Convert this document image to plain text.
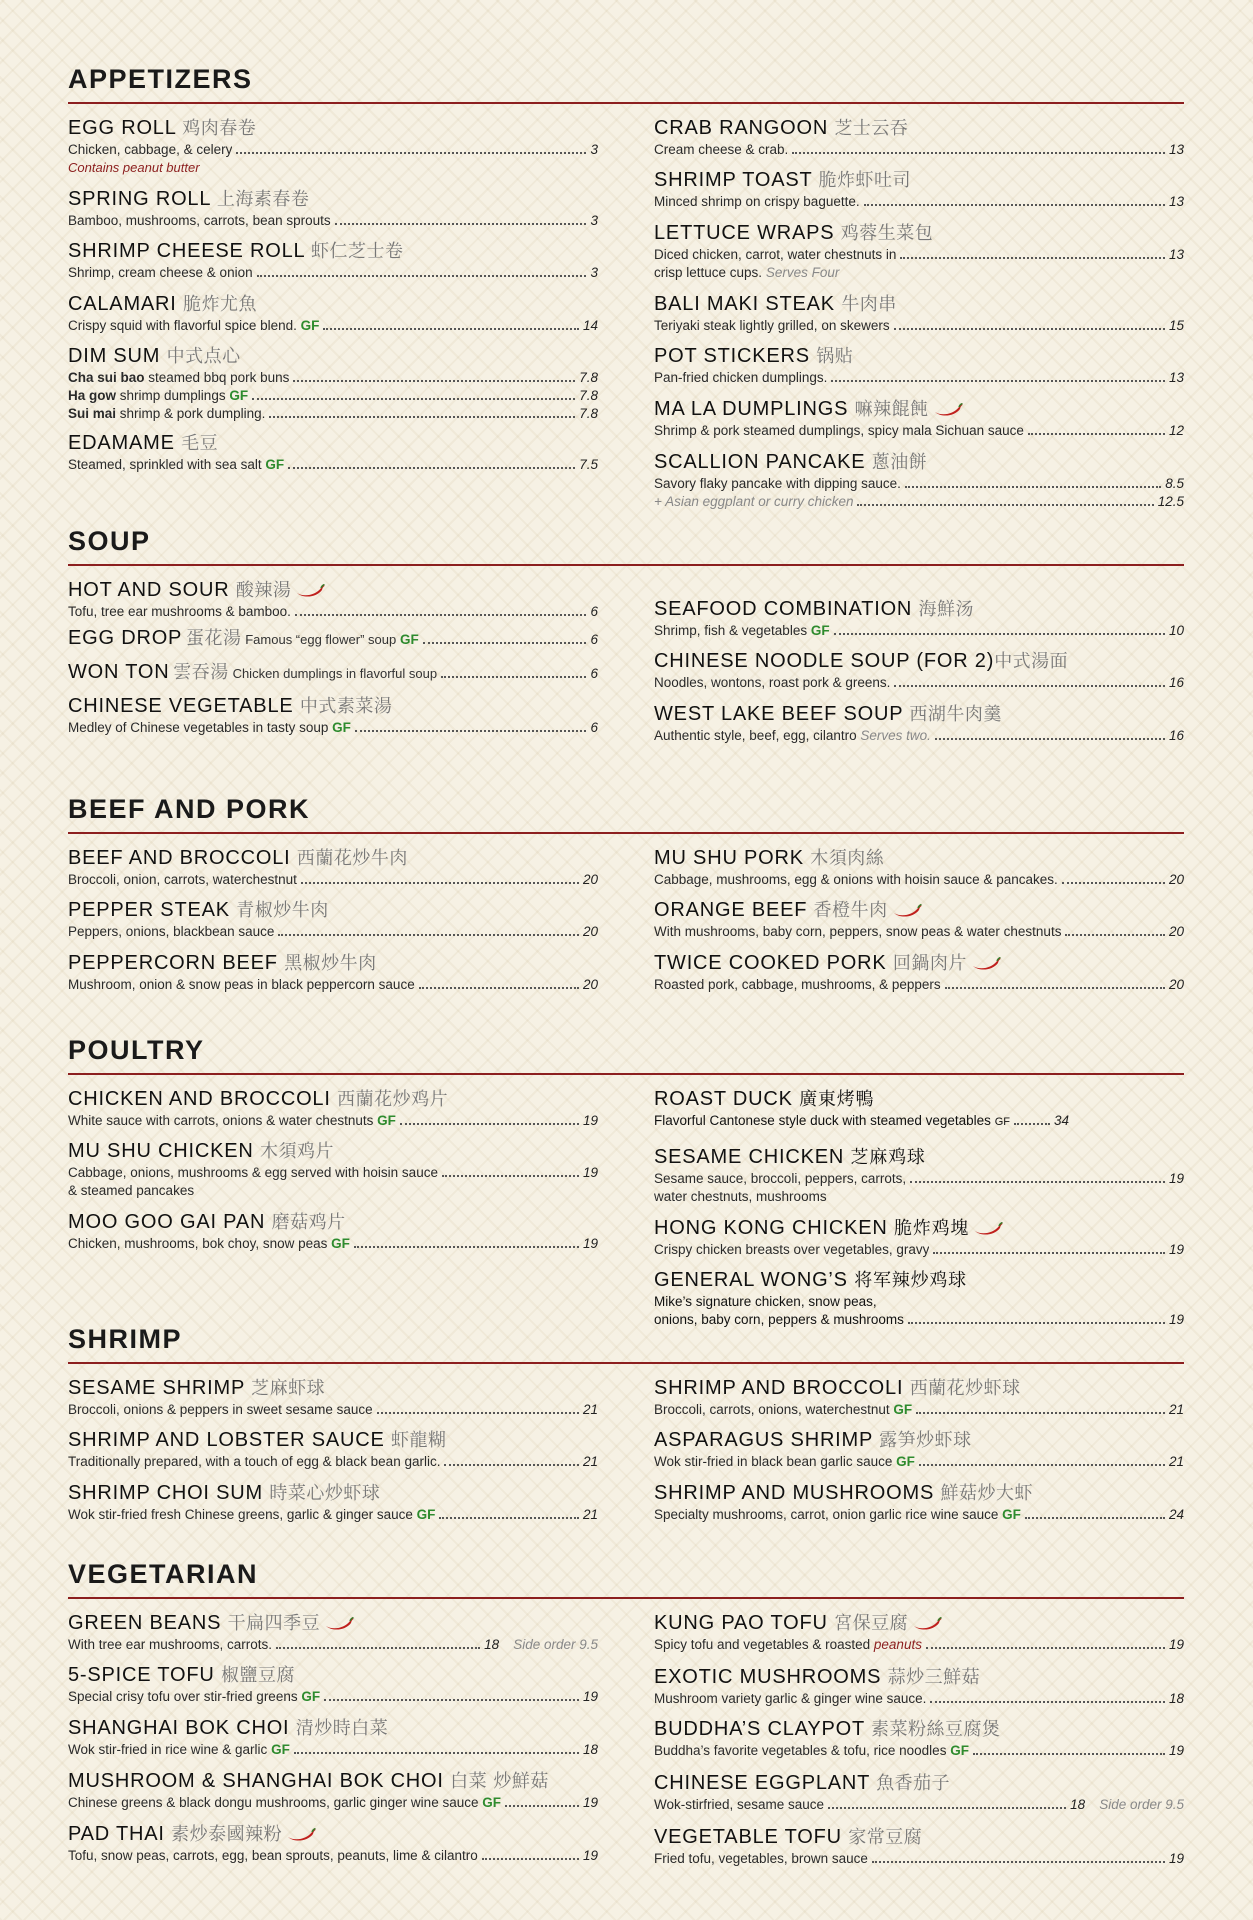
APPETIZERS
EGG ROLL 鸡肉春卷
Chicken, cabbage, & celery	3
Contains peanut butter
SPRING ROLL 上海素春卷
Bamboo, mushrooms, carrots, bean sprouts	3
SHRIMP CHEESE ROLL 虾仁芝士卷
Shrimp, cream cheese & onion	3
CALAMARI 脆炸尤魚
Crispy squid with flavorful spice blend. GF	14
DIM SUM 中式点心
Cha sui bao steamed bbq pork buns	7.8
Ha gow shrimp dumplings GF	7.8
Sui mai shrimp & pork dumpling.	7.8
EDAMAME 毛豆
Steamed, sprinkled with sea salt GF	7.5
CRAB RANGOON 芝士云吞
Cream cheese & crab.	13
SHRIMP TOAST 脆炸虾吐司
Minced shrimp on crispy baguette.	13
LETTUCE WRAPS 鸡蓉生菜包
Diced chicken, carrot, water chestnuts in	13
crisp lettuce cups. Serves Four
BALI MAKI STEAK 牛肉串
Teriyaki steak lightly grilled, on skewers	15
POT STICKERS 锅贴
Pan-fried chicken dumplings.	13
MA LA DUMPLINGS 嘛辣餛飩
Shrimp & pork steamed dumplings, spicy mala Sichuan sauce	12
SCALLION PANCAKE 蔥油餅
Savory flaky pancake with dipping sauce.	8.5
+ Asian eggplant or curry chicken	12.5
SOUP
HOT AND SOUR 酸辣湯
Tofu, tree ear mushrooms & bamboo.	6
EGG DROP 蛋花湯 Famous “egg flower” soup GF	6
WON TON 雲吞湯 Chicken dumplings in flavorful soup	6
CHINESE VEGETABLE 中式素菜湯
Medley of Chinese vegetables in tasty soup GF	6
SEAFOOD COMBINATION 海鮮汤
Shrimp, fish & vegetables GF	10
CHINESE NOODLE SOUP (FOR 2)中式湯面
Noodles, wontons, roast pork & greens.	16
WEST LAKE BEEF SOUP 西湖牛肉羹
Authentic style, beef, egg, cilantro Serves two.	16
BEEF AND PORK
BEEF AND BROCCOLI 西蘭花炒牛肉
Broccoli, onion, carrots, waterchestnut	20
PEPPER STEAK 青椒炒牛肉
Peppers, onions, blackbean sauce	20
PEPPERCORN BEEF 黑椒炒牛肉
Mushroom, onion & snow peas in black peppercorn sauce	20
MU SHU PORK 木須肉絲
Cabbage, mushrooms, egg & onions with hoisin sauce & pancakes.	20
ORANGE BEEF 香橙牛肉
With mushrooms, baby corn, peppers, snow peas & water chestnuts	20
TWICE COOKED PORK 回鍋肉片
Roasted pork, cabbage, mushrooms, & peppers	20
POULTRY
CHICKEN AND BROCCOLI 西蘭花炒鸡片
White sauce with carrots, onions & water chestnuts GF	19
MU SHU CHICKEN 木須鸡片
Cabbage, onions, mushrooms & egg served with hoisin sauce	19
& steamed pancakes
MOO GOO GAI PAN 磨菇鸡片
Chicken, mushrooms, bok choy, snow peas GF	19
ROAST DUCK 廣東烤鴨
Flavorful Cantonese style duck with steamed vegetables GF	34
SESAME CHICKEN 芝麻鸡球
Sesame sauce, broccoli, peppers, carrots,	19
water chestnuts, mushrooms
HONG KONG CHICKEN 脆炸鸡塊
Crispy chicken breasts over vegetables, gravy	19
GENERAL WONG’S 将军辣炒鸡球
Mike’s signature chicken, snow peas,
onions, baby corn, peppers & mushrooms	19
SHRIMP
SESAME SHRIMP 芝麻虾球
Broccoli, onions & peppers in sweet sesame sauce	21
SHRIMP AND LOBSTER SAUCE 虾龍糊
Traditionally prepared, with a touch of egg & black bean garlic.	21
SHRIMP CHOI SUM 時菜心炒虾球
Wok stir-fried fresh Chinese greens, garlic & ginger sauce GF	21
SHRIMP AND BROCCOLI 西蘭花炒虾球
Broccoli, carrots, onions, waterchestnut GF	21
ASPARAGUS SHRIMP 露笋炒虾球
Wok stir-fried in black bean garlic sauce GF	21
SHRIMP AND MUSHROOMS 鮮菇炒大虾
Specialty mushrooms, carrot, onion garlic rice wine sauce GF	24
VEGETARIAN
GREEN BEANS 干扁四季豆
With tree ear mushrooms, carrots.	18 Side order 9.5
5-SPICE TOFU 椒鹽豆腐
Special crisy tofu over stir-fried greens GF	19
SHANGHAI BOK CHOI 清炒時白菜
Wok stir-fried in rice wine & garlic GF	18
MUSHROOM & SHANGHAI BOK CHOI 白菜 炒鮮菇
Chinese greens & black dongu mushrooms, garlic ginger wine sauce GF	19
PAD THAI 素炒泰國辣粉
Tofu, snow peas, carrots, egg, bean sprouts, peanuts, lime & cilantro	19
KUNG PAO TOFU 宮保豆腐
Spicy tofu and vegetables & roasted peanuts	19
EXOTIC MUSHROOMS 蒜炒三鮮菇
Mushroom variety garlic & ginger wine sauce.	18
BUDDHA’S CLAYPOT 素菜粉絲豆腐煲
Buddha’s favorite vegetables & tofu, rice noodles GF	19
CHINESE EGGPLANT 魚香茄子
Wok-stirfried, sesame sauce	18 Side order 9.5
VEGETABLE TOFU 家常豆腐
Fried tofu, vegetables, brown sauce	19
